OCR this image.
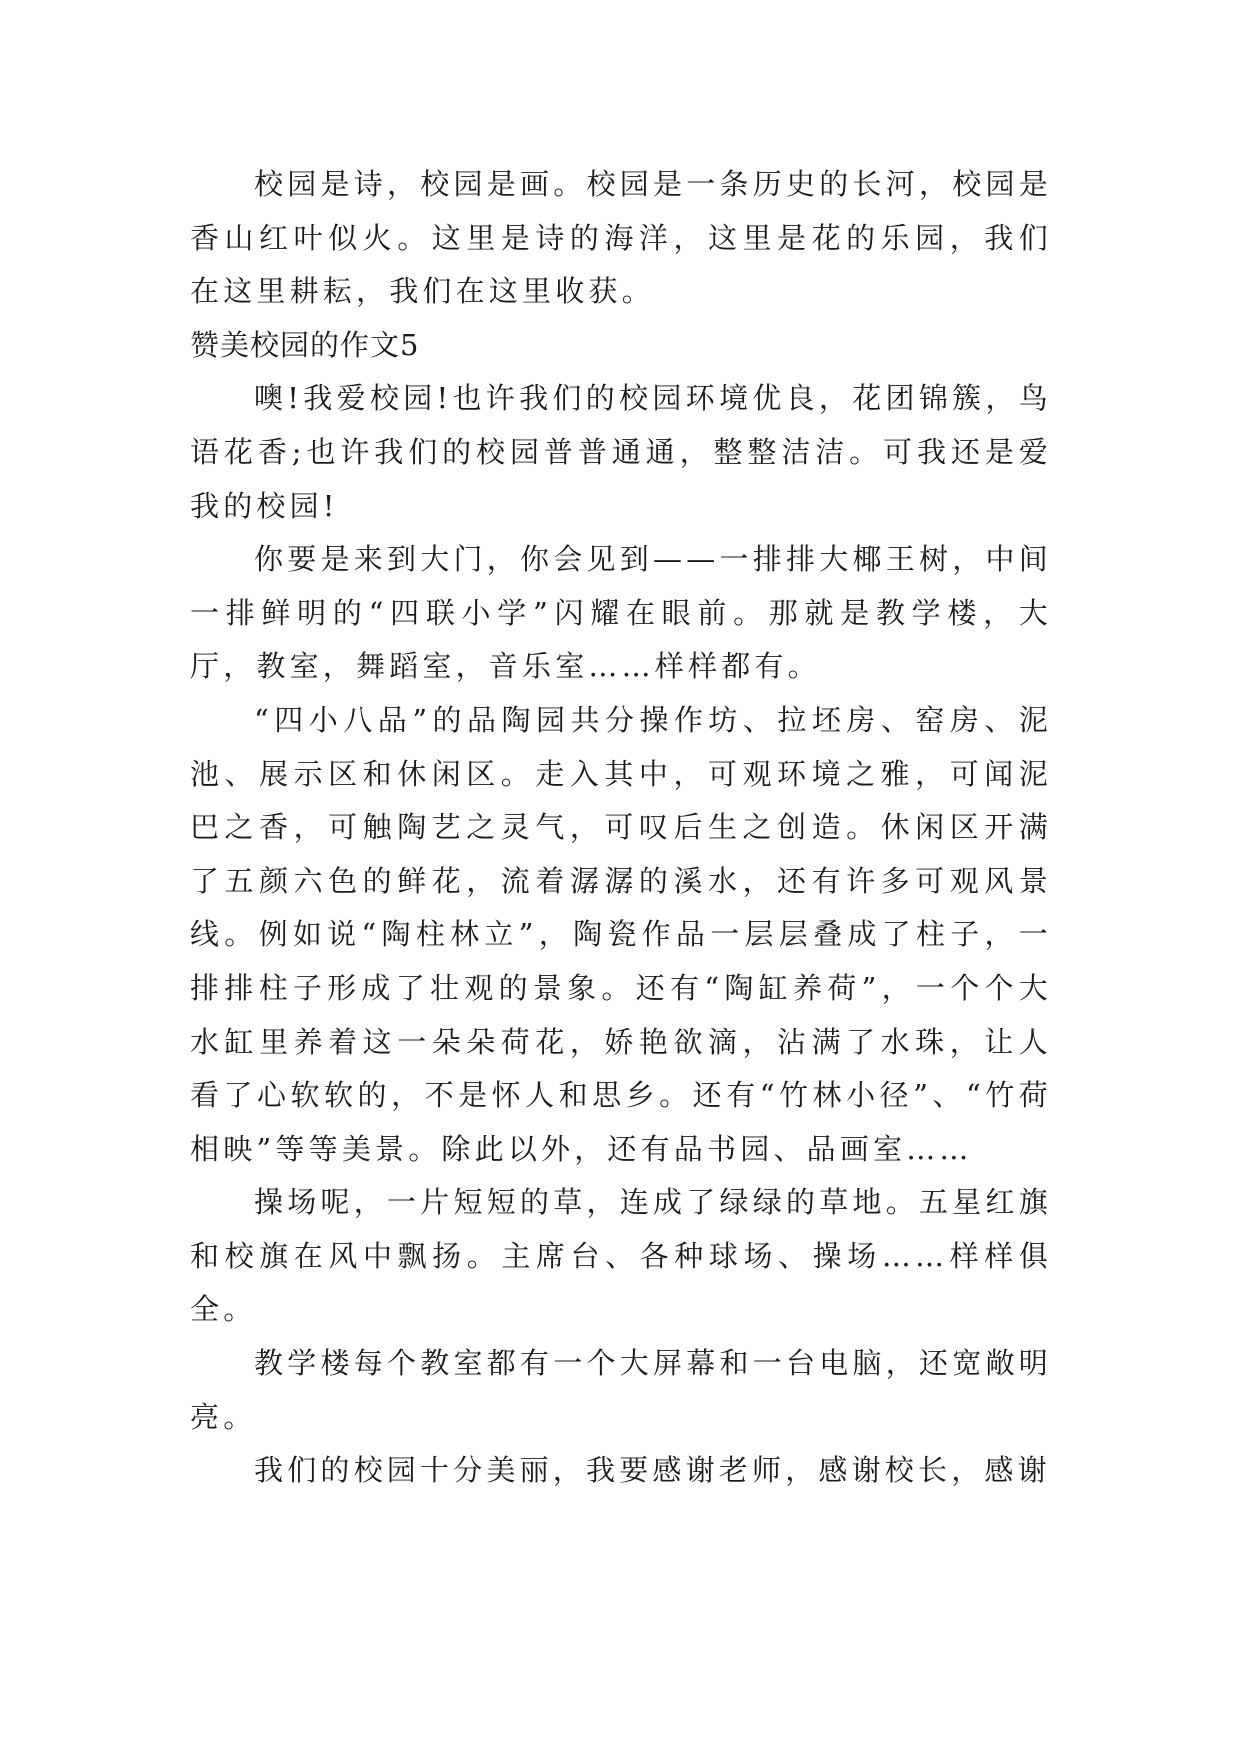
校园是诗，校园是画。校园是一条历史的长河，校园是香山红叶似火。这里是诗的海洋，这里是花的乐园，我们在这里耕耘，我们在这里收获。

赞美校园的作文5

噢!我爱校园!也许我们的校园环境优良，花团锦簇，鸟语花香;也许我们的校园普普通通，整整洁洁。可我还是爱我的校园!

你要是来到大门，你会见到——一排排大椰王树，中间一排鲜明的“四联小学”闪耀在眼前。那就是教学楼，大厅，教室，舞蹈室，音乐室……样样都有。

“四小八品”的品陶园共分操作坊、拉坯房、窑房、泥池、展示区和休闲区。走入其中，可观环境之雅，可闻泥巴之香，可触陶艺之灵气，可叹后生之创造。休闲区开满了五颜六色的鲜花，流着潺潺的溪水，还有许多可观风景线。例如说“陶柱林立”，陶瓷作品一层层叠成了柱子，一排排柱子形成了壮观的景象。还有“陶缸养荷”，一个个大水缸里养着这一朵朵荷花，娇艳欲滴，沾满了水珠，让人看了心软软的，不是怀人和思乡。还有“竹林小径”、“竹荷相映”等等美景。除此以外，还有品书园、品画室……

操场呢，一片短短的草，连成了绿绿的草地。五星红旗和校旗在风中飘扬。主席台、各种球场、操场……样样俱全。

教学楼每个教室都有一个大屏幕和一台电脑，还宽敞明亮。

我们的校园十分美丽，我要感谢老师，感谢校长，感谢
